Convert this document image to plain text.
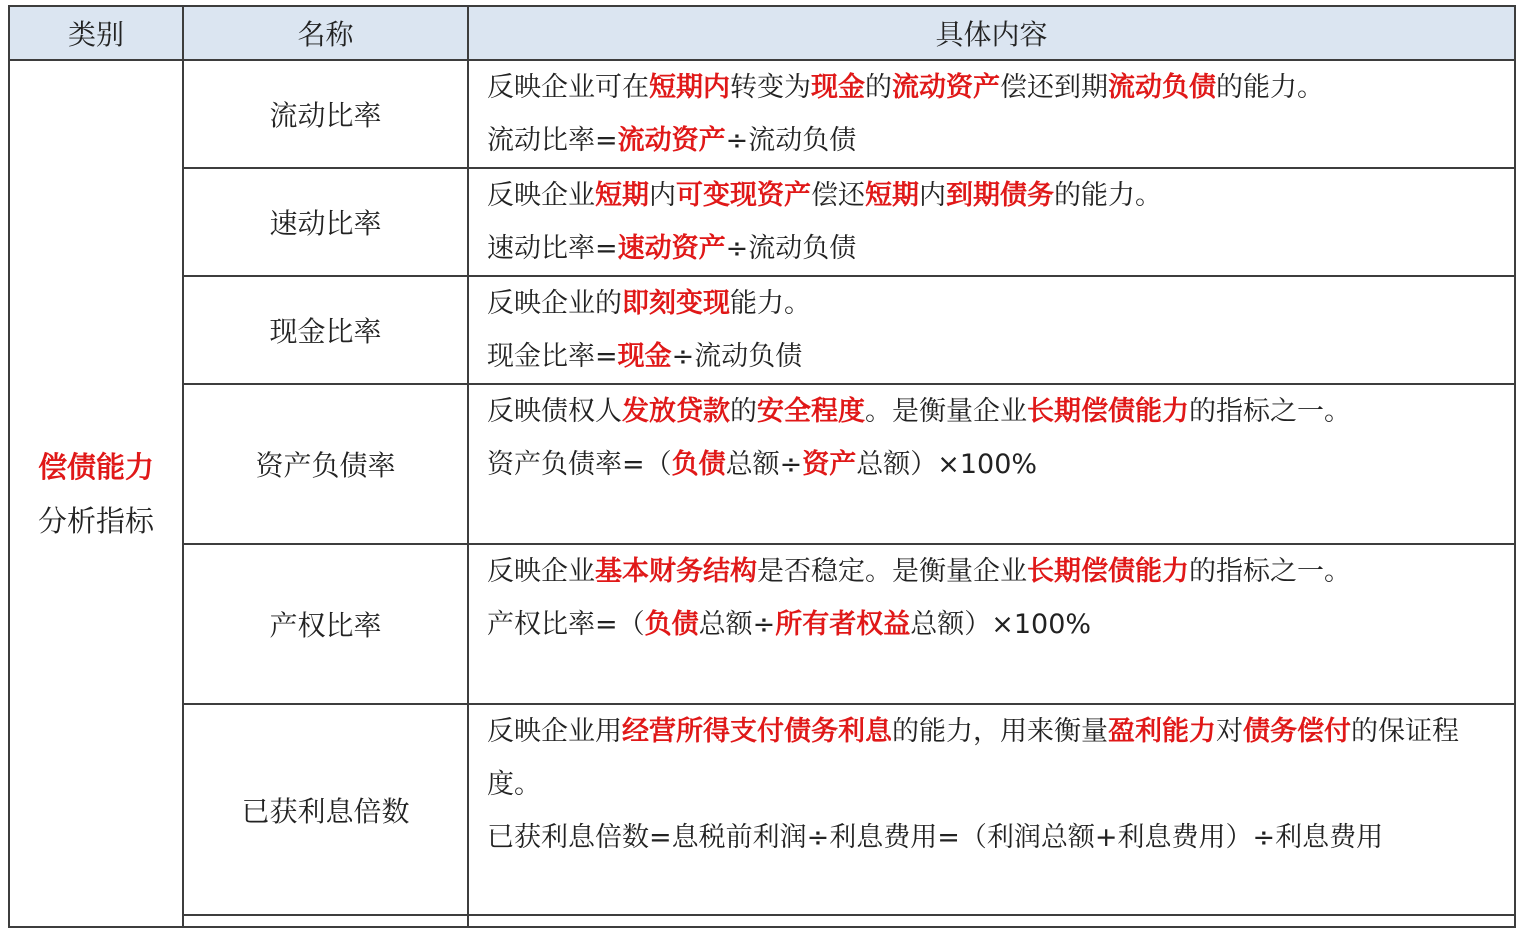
类别	名称	具体内容

偿债能力
分析指标	流动比率	反映企业可在短期内转变为现金的流动资产偿还到期流动负债的能力。
流动比率=流动资产÷流动负债

	速动比率	反映企业短期内可变现资产偿还短期内到期债务的能力。
速动比率=速动资产÷流动负债

	现金比率	反映企业的即刻变现能力。
现金比率=现金÷流动负债

	资产负债率	反映债权人发放贷款的安全程度。是衡量企业长期偿债能力的指标之一。
资产负债率=（负债总额÷资产总额）×100%

	产权比率	反映企业基本财务结构是否稳定。是衡量企业长期偿债能力的指标之一。
产权比率=（负债总额÷所有者权益总额）×100%

	已获利息倍数	反映企业用经营所得支付债务利息的能力，用来衡量盈利能力对债务偿付的保证程度。
已获利息倍数=息税前利润÷利息费用=（利润总额+利息费用）÷利息费用
